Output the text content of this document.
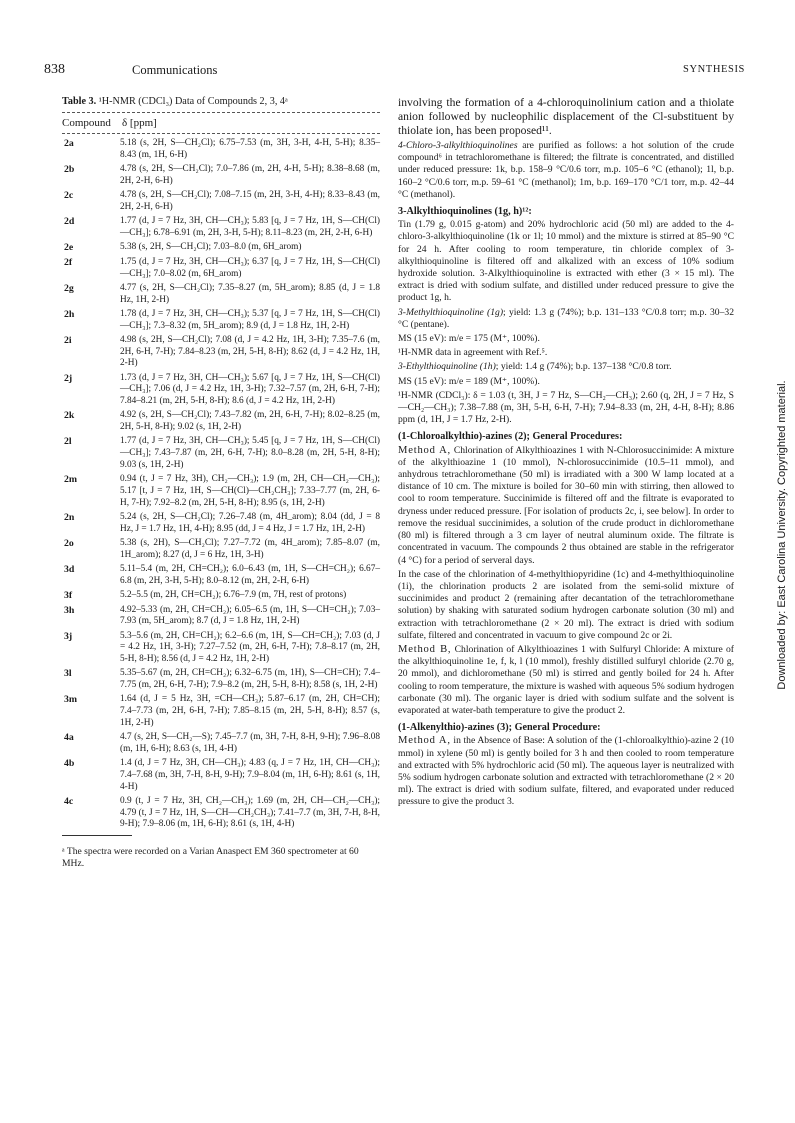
838	Communications	SYNTHESIS
Table 3. ¹H-NMR (CDCl₃) Data of Compounds 2, 3, 4ᵃ
Compound	δ [ppm]
2a	5.18 (s, 2H, S—CH₂Cl); 6.75–7.53 (m, 3H, 3-H, 4-H, 5-H); 8.35–8.43 (m, 1H, 6-H)
2b	4.78 (s, 2H, S—CH₂Cl); 7.0–7.86 (m, 2H, 4-H, 5-H); 8.38–8.68 (m, 2H, 2-H, 6-H)
2c	4.78 (s, 2H, S—CH₂Cl); 7.08–7.15 (m, 2H, 3-H, 4-H); 8.33–8.43 (m, 2H, 2-H, 6-H)
2d	1.77 (d, J = 7 Hz, 3H, CH—CH₃); 5.83 [q, J = 7 Hz, 1H, S—CH(Cl)—CH₃]; 6.78–6.91 (m, 2H, 3-H, 5-H); 8.11–8.23 (m, 2H, 2-H, 6-H)
2e	5.38 (s, 2H, S—CH₂Cl); 7.03–8.0 (m, 6H_arom)
2f	1.75 (d, J = 7 Hz, 3H, CH—CH₃); 6.37 [q, J = 7 Hz, 1H, S—CH(Cl)—CH₃]; 7.0–8.02 (m, 6H_arom)
2g	4.77 (s, 2H, S—CH₂Cl); 7.35–8.27 (m, 5H_arom); 8.85 (d, J = 1.8 Hz, 1H, 2-H)
2h	1.78 (d, J = 7 Hz, 3H, CH—CH₃); 5.37 [q, J = 7 Hz, 1H, S—CH(Cl)—CH₃]; 7.3–8.32 (m, 5H_arom); 8.9 (d, J = 1.8 Hz, 1H, 2-H)
2i	4.98 (s, 2H, S—CH₂Cl); 7.08 (d, J = 4.2 Hz, 1H, 3-H); 7.35–7.6 (m, 2H, 6-H, 7-H); 7.84–8.23 (m, 2H, 5-H, 8-H); 8.62 (d, J = 4.2 Hz, 1H, 2-H)
2j	1.73 (d, J = 7 Hz, 3H, CH—CH₃); 5.67 [q, J = 7 Hz, 1H, S—CH(Cl)—CH₃]; 7.06 (d, J = 4.2 Hz, 1H, 3-H); 7.32–7.57 (m, 2H, 6-H, 7-H); 7.84–8.21 (m, 2H, 5-H, 8-H); 8.6 (d, J = 4.2 Hz, 1H, 2-H)
2k	4.92 (s, 2H, S—CH₂Cl); 7.43–7.82 (m, 2H, 6-H, 7-H); 8.02–8.25 (m, 2H, 5-H, 8-H); 9.02 (s, 1H, 2-H)
2l	1.77 (d, J = 7 Hz, 3H, CH—CH₃); 5.45 [q, J = 7 Hz, 1H, S—CH(Cl)—CH₃]; 7.43–7.87 (m, 2H, 6-H, 7-H); 8.0–8.28 (m, 2H, 5-H, 8-H); 9.03 (s, 1H, 2-H)
2m	0.94 (t, J = 7 Hz, 3H), CH₂—CH₃); 1.9 (m, 2H, CH—CH₂—CH₃); 5.17 [t, J = 7 Hz, 1H, S—CH(Cl)—CH₂CH₃]; 7.33–7.77 (m, 2H, 6-H, 7-H); 7.92–8.2 (m, 2H, 5-H, 8-H); 8.95 (s, 1H, 2-H)
2n	5.24 (s, 2H, S—CH₂Cl); 7.26–7.48 (m, 4H_arom); 8.04 (dd, J = 8 Hz, J = 1.7 Hz, 1H, 4-H); 8.95 (dd, J = 4 Hz, J = 1.7 Hz, 1H, 2-H)
2o	5.38 (s, 2H), S—CH₂Cl); 7.27–7.72 (m, 4H_arom); 7.85–8.07 (m, 1H_arom); 8.27 (d, J = 6 Hz, 1H, 3-H)
3d	5.11–5.4 (m, 2H, CH=CH₂); 6.0–6.43 (m, 1H, S—CH=CH₂); 6.67–6.8 (m, 2H, 3-H, 5-H); 8.0–8.12 (m, 2H, 2-H, 6-H)
3f	5.2–5.5 (m, 2H, CH=CH₂); 6.76–7.9 (m, 7H, rest of protons)
3h	4.92–5.33 (m, 2H, CH=CH₂); 6.05–6.5 (m, 1H, S—CH=CH₂); 7.03–7.93 (m, 5H_arom); 8.7 (d, J = 1.8 Hz, 1H, 2-H)
3j	5.3–5.6 (m, 2H, CH=CH₂); 6.2–6.6 (m, 1H, S—CH=CH₂); 7.03 (d, J = 4.2 Hz, 1H, 3-H); 7.27–7.52 (m, 2H, 6-H, 7-H); 7.8–8.17 (m, 2H, 5-H, 8-H); 8.56 (d, J = 4.2 Hz, 1H, 2-H)
3l	5.35–5.67 (m, 2H, CH=CH₂); 6.32–6.75 (m, 1H), S—CH=CH); 7.4–7.75 (m, 2H, 6-H, 7-H); 7.9–8.2 (m, 2H, 5-H, 8-H); 8.58 (s, 1H, 2-H)
3m	1.64 (d, J = 5 Hz, 3H, =CH—CH₃); 5.87–6.17 (m, 2H, CH=CH); 7.4–7.73 (m, 2H, 6-H, 7-H); 7.85–8.15 (m, 2H, 5-H, 8-H); 8.57 (s, 1H, 2-H)
4a	4.7 (s, 2H, S—CH₂—S); 7.45–7.7 (m, 3H, 7-H, 8-H, 9-H); 7.96–8.08 (m, 1H, 6-H); 8.63 (s, 1H, 4-H)
4b	1.4 (d, J = 7 Hz, 3H, CH—CH₃); 4.83 (q, J = 7 Hz, 1H, CH—CH₃); 7.4–7.68 (m, 3H, 7-H, 8-H, 9-H); 7.9–8.04 (m, 1H, 6-H); 8.61 (s, 1H, 4-H)
4c	0.9 (t, J = 7 Hz, 3H, CH₂—CH₃); 1.69 (m, 2H, CH—CH₂—CH₃); 4.79 (t, J = 7 Hz, 1H, S—CH—CH₂CH₃); 7.41–7.7 (m, 3H, 7-H, 8-H, 9-H); 7.9–8.06 (m, 1H, 6-H); 8.61 (s, 1H, 4-H)
ᵃ The spectra were recorded on a Varian Anaspect EM 360 spectrometer at 60 MHz.

involving the formation of a 4-chloroquinolinium cation and a thiolate anion followed by nucleophilic displacement of the Cl-substituent by thiolate ion, has been proposed¹¹.

4-Chloro-3-alkylthioquinolines are purified as follows: a hot solution of the crude compound⁶ in tetrachloromethane is filtered; the filtrate is concentrated, and distilled under reduced pressure: 1k, b.p. 158–9 °C/0.6 torr, m.p. 105–6 °C (ethanol); 1l, b.p. 160–2 °C/0.6 torr, m.p. 59–61 °C (methanol); 1m, b.p. 169–170 °C/1 torr, m.p. 42–44 °C (methanol).

3-Alkylthioquinolines (1g, h)¹²:

Tin (1.79 g, 0.015 g-atom) and 20% hydrochloric acid (50 ml) are added to the 4-chloro-3-alkylthioquinoline (1k or 1l; 10 mmol) and the mixture is stirred at 85–90 °C for 24 h. After cooling to room temperature, tin chloride complex of 3-alkylthioquinoline is filtered off and alkalized with an excess of 10% sodium hydroxide solution. 3-Alkylthioquinoline is extracted with ether (3 × 15 ml). The extract is dried with sodium sulfate, and distilled under reduced pressure to give the product 1g, h.

3-Methylthioquinoline (1g); yield: 1.3 g (74%); b.p. 131–133 °C/0.8 torr; m.p. 30–32 °C (pentane).

MS (15 eV): m/e = 175 (M⁺, 100%).

¹H-NMR data in agreement with Ref.⁵.

3-Ethylthioquinoline (1h); yield: 1.4 g (74%); b.p. 137–138 °C/0.8 torr.

MS (15 eV): m/e = 189 (M⁺, 100%).

¹H-NMR (CDCl₃): δ = 1.03 (t, 3H, J = 7 Hz, S—CH₂—CH₃); 2.60 (q, 2H, J = 7 Hz, S—CH₂—CH₃); 7.38–7.88 (m, 3H, 5-H, 6-H, 7-H); 7.94–8.33 (m, 2H, 4-H, 8-H); 8.86 ppm (d, 1H, J = 1.7 Hz, 2-H).

(1-Chloroalkylthio)-azines (2); General Procedures:

Method A, Chlorination of Alkylthioazines 1 with N-Chlorosuccinimide: A mixture of the alkylthioazine 1 (10 mmol), N-chlorosuccinimide (10.5–11 mmol), and anhydrous tetrachloromethane (50 ml) is irradiated with a 300 W lamp located at a distance of 10 cm. The mixture is boiled for 30–60 min with stirring, then allowed to cool to room temperature. Succinimide is filtered off and the filtrate is evaporated to dryness under reduced pressure. [For isolation of products 2c, i, see below]. In order to remove the residual succinimides, a solution of the crude product in dichloromethane (80 ml) is filtered through a 3 cm layer of neutral aluminum oxide. The filtrate is concentrated in vacuum. The compounds 2 thus obtained are stable in the refrigerator (4 °C) for a period of serveral days.

In the case of the chlorination of 4-methylthiopyridine (1c) and 4-methylthioquinoline (1i), the chlorination products 2 are isolated from the semi-solid mixture of succinimides and product 2 (remaining after decantation of the tetrachloromethane solution) by shaking with saturated sodium hydrogen carbonate solution (30 ml) and extraction with tetrachloromethane (2 × 20 ml). The extract is dried with sodium sulfate, filtered and concentrated in vacuum to give compound 2c or 2i.

Method B, Chlorination of Alkylthioazines 1 with Sulfuryl Chloride: A mixture of the alkylthioquinoline 1e, f, k, l (10 mmol), freshly distilled sulfuryl chloride (2.70 g, 20 mmol), and dichloromethane (50 ml) is stirred and gently boiled for 24 h. After cooling to room temperature, the mixture is washed with aqueous 5% sodium hydrogen carbonate (30 ml). The organic layer is dried with sodium sulfate and the solvent is evaporated at water-bath temperature to give the product 2.

(1-Alkenylthio)-azines (3); General Procedure:

Method A, in the Absence of Base: A solution of the (1-chloroalkylthio)-azine 2 (10 mmol) in xylene (50 ml) is gently boiled for 3 h and then cooled to room temperature and extracted with 5% hydrochloric acid (50 ml). The aqueous layer is neutralized with 5% sodium hydrogen carbonate solution and extracted with tetrachloromethane (2 × 20 ml). The extract is dried with sodium sulfate, filtered, and evaporated under reduced pressure to give the product 3.

Downloaded by: East Carolina University. Copyrighted material.
